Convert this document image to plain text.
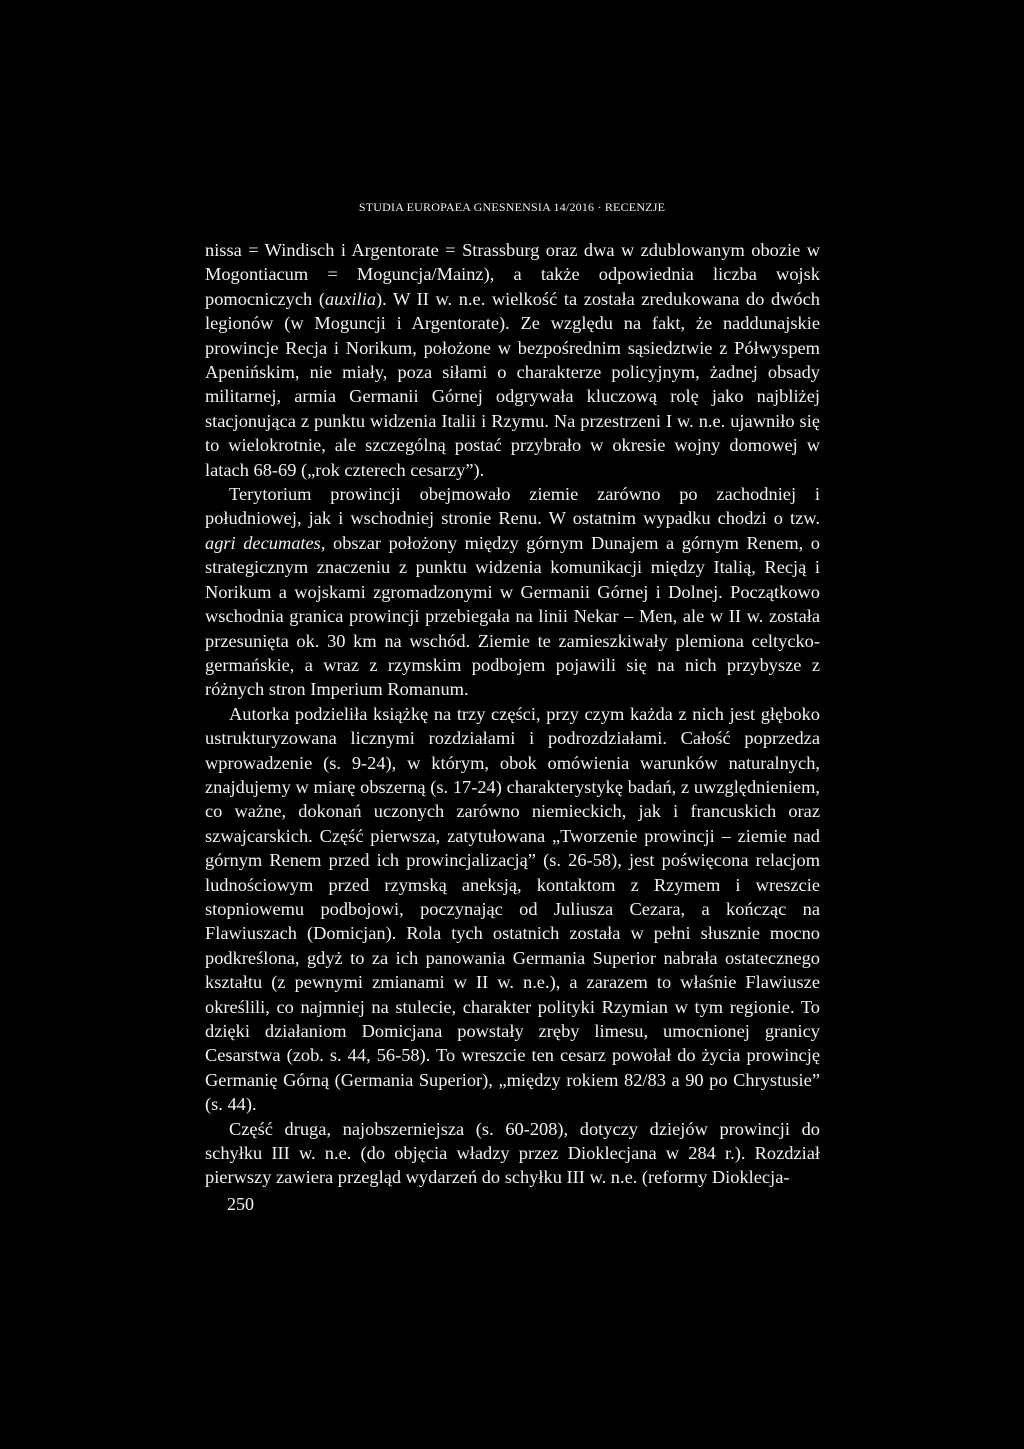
STUDIA EUROPAEA GNESNENSIA 14/2016 · RECENZJE

nissa = Windisch i Argentorate = Strassburg oraz dwa w zdublowanym obozie w Mogontiacum = Moguncja/Mainz), a także odpowiednia liczba wojsk pomocniczych (auxilia). W II w. n.e. wielkość ta została zredukowana do dwóch legionów (w Moguncji i Argentorate). Ze względu na fakt, że naddunajskie prowincje Recja i Norikum, położone w bezpośrednim sąsiedztwie z Półwyspem Apenińskim, nie miały, poza siłami o charakterze policyjnym, żadnej obsady militarnej, armia Germanii Górnej odgrywała kluczową rolę jako najbliżej stacjonująca z punktu widzenia Italii i Rzymu. Na przestrzeni I w. n.e. ujawniło się to wielokrotnie, ale szczególną postać przybrało w okresie wojny domowej w latach 68-69 („rok czterech cesarzy”).

Terytorium prowincji obejmowało ziemie zarówno po zachodniej i południowej, jak i wschodniej stronie Renu. W ostatnim wypadku chodzi o tzw. agri decumates, obszar położony między górnym Dunajem a górnym Renem, o strategicznym znaczeniu z punktu widzenia komunikacji między Italią, Recją i Norikum a wojskami zgromadzonymi w Germanii Górnej i Dolnej. Początkowo wschodnia granica prowincji przebiegała na linii Nekar – Men, ale w II w. została przesunięta ok. 30 km na wschód. Ziemie te zamieszkiwały plemiona celtycko-germańskie, a wraz z rzymskim podbojem pojawili się na nich przybysze z różnych stron Imperium Romanum.

Autorka podzieliła książkę na trzy części, przy czym każda z nich jest głęboko ustrukturyzowana licznymi rozdziałami i podrozdziałami. Całość poprzedza wprowadzenie (s. 9-24), w którym, obok omówienia warunków naturalnych, znajdujemy w miarę obszerną (s. 17-24) charakterystykę badań, z uwzględnieniem, co ważne, dokonań uczonych zarówno niemieckich, jak i francuskich oraz szwajcarskich. Część pierwsza, zatytułowana „Tworzenie prowincji – ziemie nad górnym Renem przed ich prowincjalizacją” (s. 26-58), jest poświęcona relacjom ludnościowym przed rzymską aneksją, kontaktom z Rzymem i wreszcie stopniowemu podbojowi, poczynając od Juliusza Cezara, a kończąc na Flawiuszach (Domicjan). Rola tych ostatnich została w pełni słusznie mocno podkreślona, gdyż to za ich panowania Germania Superior nabrała ostatecznego kształtu (z pewnymi zmianami w II w. n.e.), a zarazem to właśnie Flawiusze określili, co najmniej na stulecie, charakter polityki Rzymian w tym regionie. To dzięki działaniom Domicjana powstały zręby limesu, umocnionej granicy Cesarstwa (zob. s. 44, 56-58). To wreszcie ten cesarz powołał do życia prowincję Germanię Górną (Germania Superior), „między rokiem 82/83 a 90 po Chrystusie” (s. 44).

Część druga, najobszerniejsza (s. 60-208), dotyczy dziejów prowincji do schyłku III w. n.e. (do objęcia władzy przez Dioklecjana w 284 r.). Rozdział pierwszy zawiera przegląd wydarzeń do schyłku III w. n.e. (reformy Dioklecja-

250
